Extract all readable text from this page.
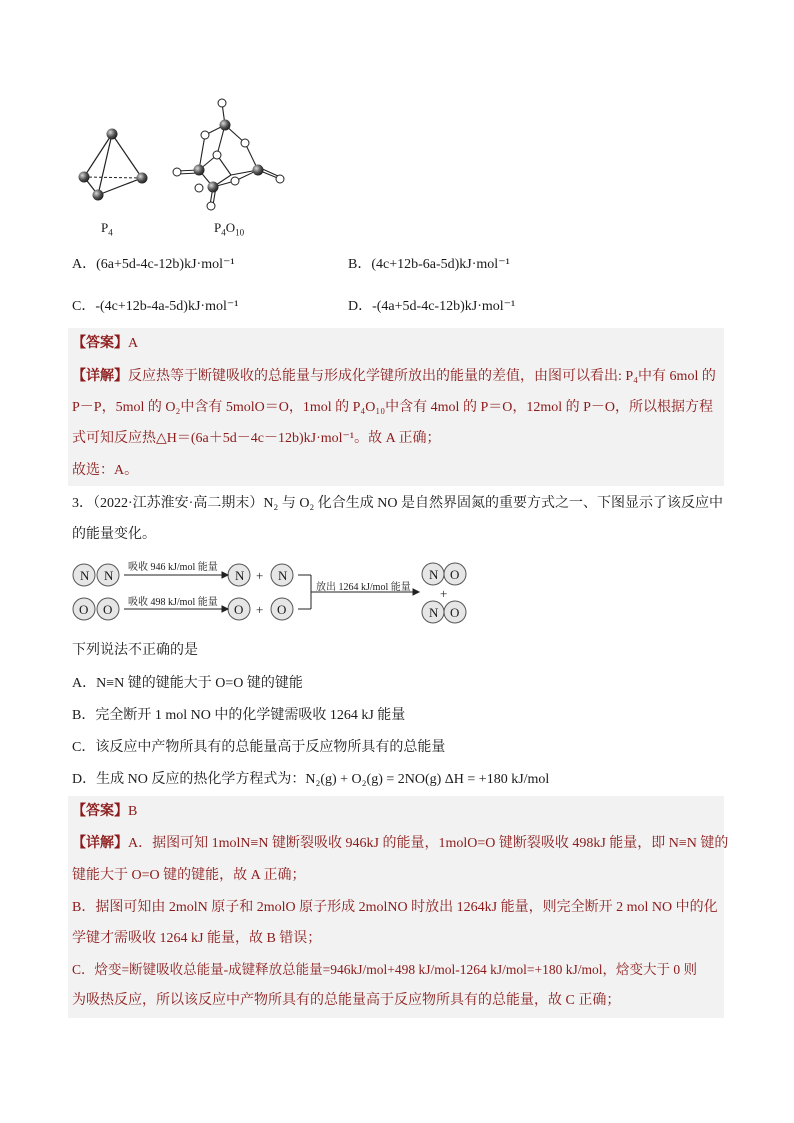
$P_4$	$P_4O_{10}$
A．(6a+5d-4c-12b)kJ·mol⁻¹	B．(4c+12b-6a-5d)kJ·mol⁻¹
C．-(4c+12b-4a-5d)kJ·mol⁻¹	D．-(4a+5d-4c-12b)kJ·mol⁻¹
【答案】A
【详解】反应热等于断键吸收的总能量与形成化学键所放出的能量的差值，由图可以看出: P₄中有 6mol 的
P－P，5mol 的 O₂中含有 5molO＝O，1mol 的 P₄O₁₀中含有 4mol 的 P＝O，12mol 的 P－O，所以根据方程
式可知反应热△H＝(6a＋5d－4c－12b)kJ·mol⁻¹。故 A 正确；
故选：A。
3．（2022·江苏淮安·高二期末）N₂ 与 O₂ 化合生成 NO 是自然界固氮的重要方式之一、下图显示了该反应中
的能量变化。
N N
O O
吸收 946 kJ/mol 能量
吸收 498 kJ/mol 能量
N + N
O + O
放出 1264 kJ/mol 能量
N O
+
N O
下列说法不正确的是
A．N≡N 键的键能大于 O=O 键的键能
B．完全断开 1 mol NO 中的化学键需吸收 1264 kJ 能量
C．该反应中产物所具有的总能量高于反应物所具有的总能量
D．生成 NO 反应的热化学方程式为：N₂(g) + O₂(g) = 2NO(g) ΔH = +180 kJ/mol
【答案】B
【详解】A．据图可知 1molN≡N 键断裂吸收 946kJ 的能量，1molO=O 键断裂吸收 498kJ 能量，即 N≡N 键的
键能大于 O=O 键的键能，故 A 正确；
B．据图可知由 2molN 原子和 2molO 原子形成 2molNO 时放出 1264kJ 能量，则完全断开 2 mol NO 中的化
学键才需吸收 1264 kJ 能量，故 B 错误；
C．焓变=断键吸收总能量-成键释放总能量=946kJ/mol+498 kJ/mol-1264 kJ/mol=+180 kJ/mol，焓变大于 0 则
为吸热反应，所以该反应中产物所具有的总能量高于反应物所具有的总能量，故 C 正确；
